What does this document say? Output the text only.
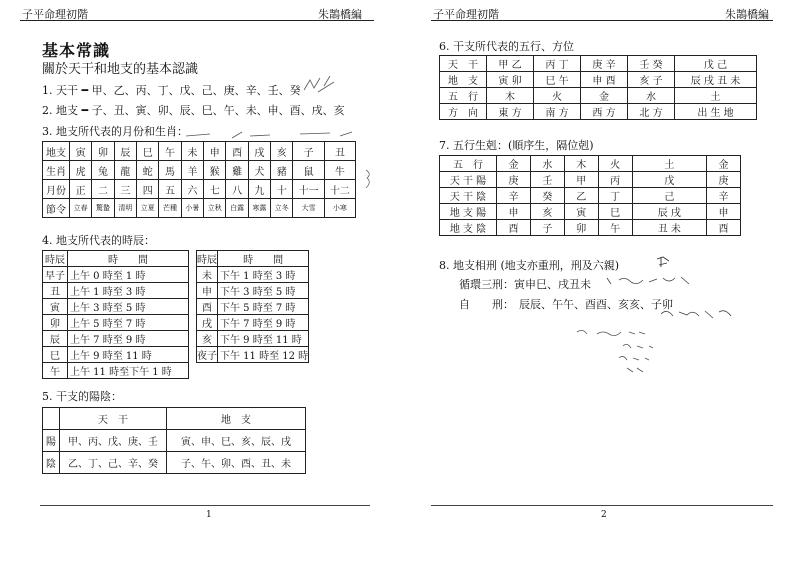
子平命理初階	朱鵲橋編
基本常識
關於天干和地支的基本認識
1. 天干 ━ 甲、乙、丙、丁、戊、己、庚、辛、壬、癸
2. 地支 ━ 子、丑、寅、卯、辰、巳、午、未、申、酉、戌、亥
3. 地支所代表的月份和生肖：
地支	寅	卯	辰	巳	午	未	申	酉	戌	亥	子	丑
生肖	虎	兔	龍	蛇	馬	羊	猴	雞	犬	豬	鼠	牛
月份	正	二	三	四	五	六	七	八	九	十	十一	十二
節令	立春	驚蟄	清明	立夏	芒種	小暑	立秋	白露	寒露	立冬	大雪	小寒
4. 地支所代表的時辰：
時辰	時　　間
早子	上午 0 時至 1 時
丑	上午 1 時至 3 時
寅	上午 3 時至 5 時
卯	上午 5 時至 7 時
辰	上午 7 時至 9 時
巳	上午 9 時至 11 時
午	上午 11 時至下午 1 時
時辰	時　　間
未	下午 1 時至 3 時
申	下午 3 時至 5 時
酉	下午 5 時至 7 時
戌	下午 7 時至 9 時
亥	下午 9 時至 11 時
夜子	下午 11 時至 12 時
5. 干支的陽陰：
	天　干	地　支
陽	甲、丙、戊、庚、壬	寅、申、巳、亥、辰、戌
陰	乙、丁、己、辛、癸	子、午、卯、酉、丑、未
1
子平命理初階	朱鵲橋編
6. 干支所代表的五行、方位
天　干	甲 乙	丙 丁	庚 辛	壬 癸	戊 己
地　支	寅 卯	巳 午	申 酉	亥 子	辰 戌 丑 未
五　行	木	火	金	水	土
方　向	東 方	南 方	西 方	北 方	出 生 地
7. 五行生剋：(順序生，隔位剋)
五　行	金	水	木	火	土	金
天 干 陽	庚	壬	甲	丙	戊	庚
天 干 陰	辛	癸	乙	丁	己	辛
地 支 陽	申	亥	寅	巳	辰 戌	申
地 支 陰	酉	子	卯	午	丑 未	酉
8. 地支相刑 (地支亦重刑，刑及六親)
循環三刑：寅申巳、戌丑未
自　　刑： 辰辰、午午、酉酉、亥亥、子卯
2
